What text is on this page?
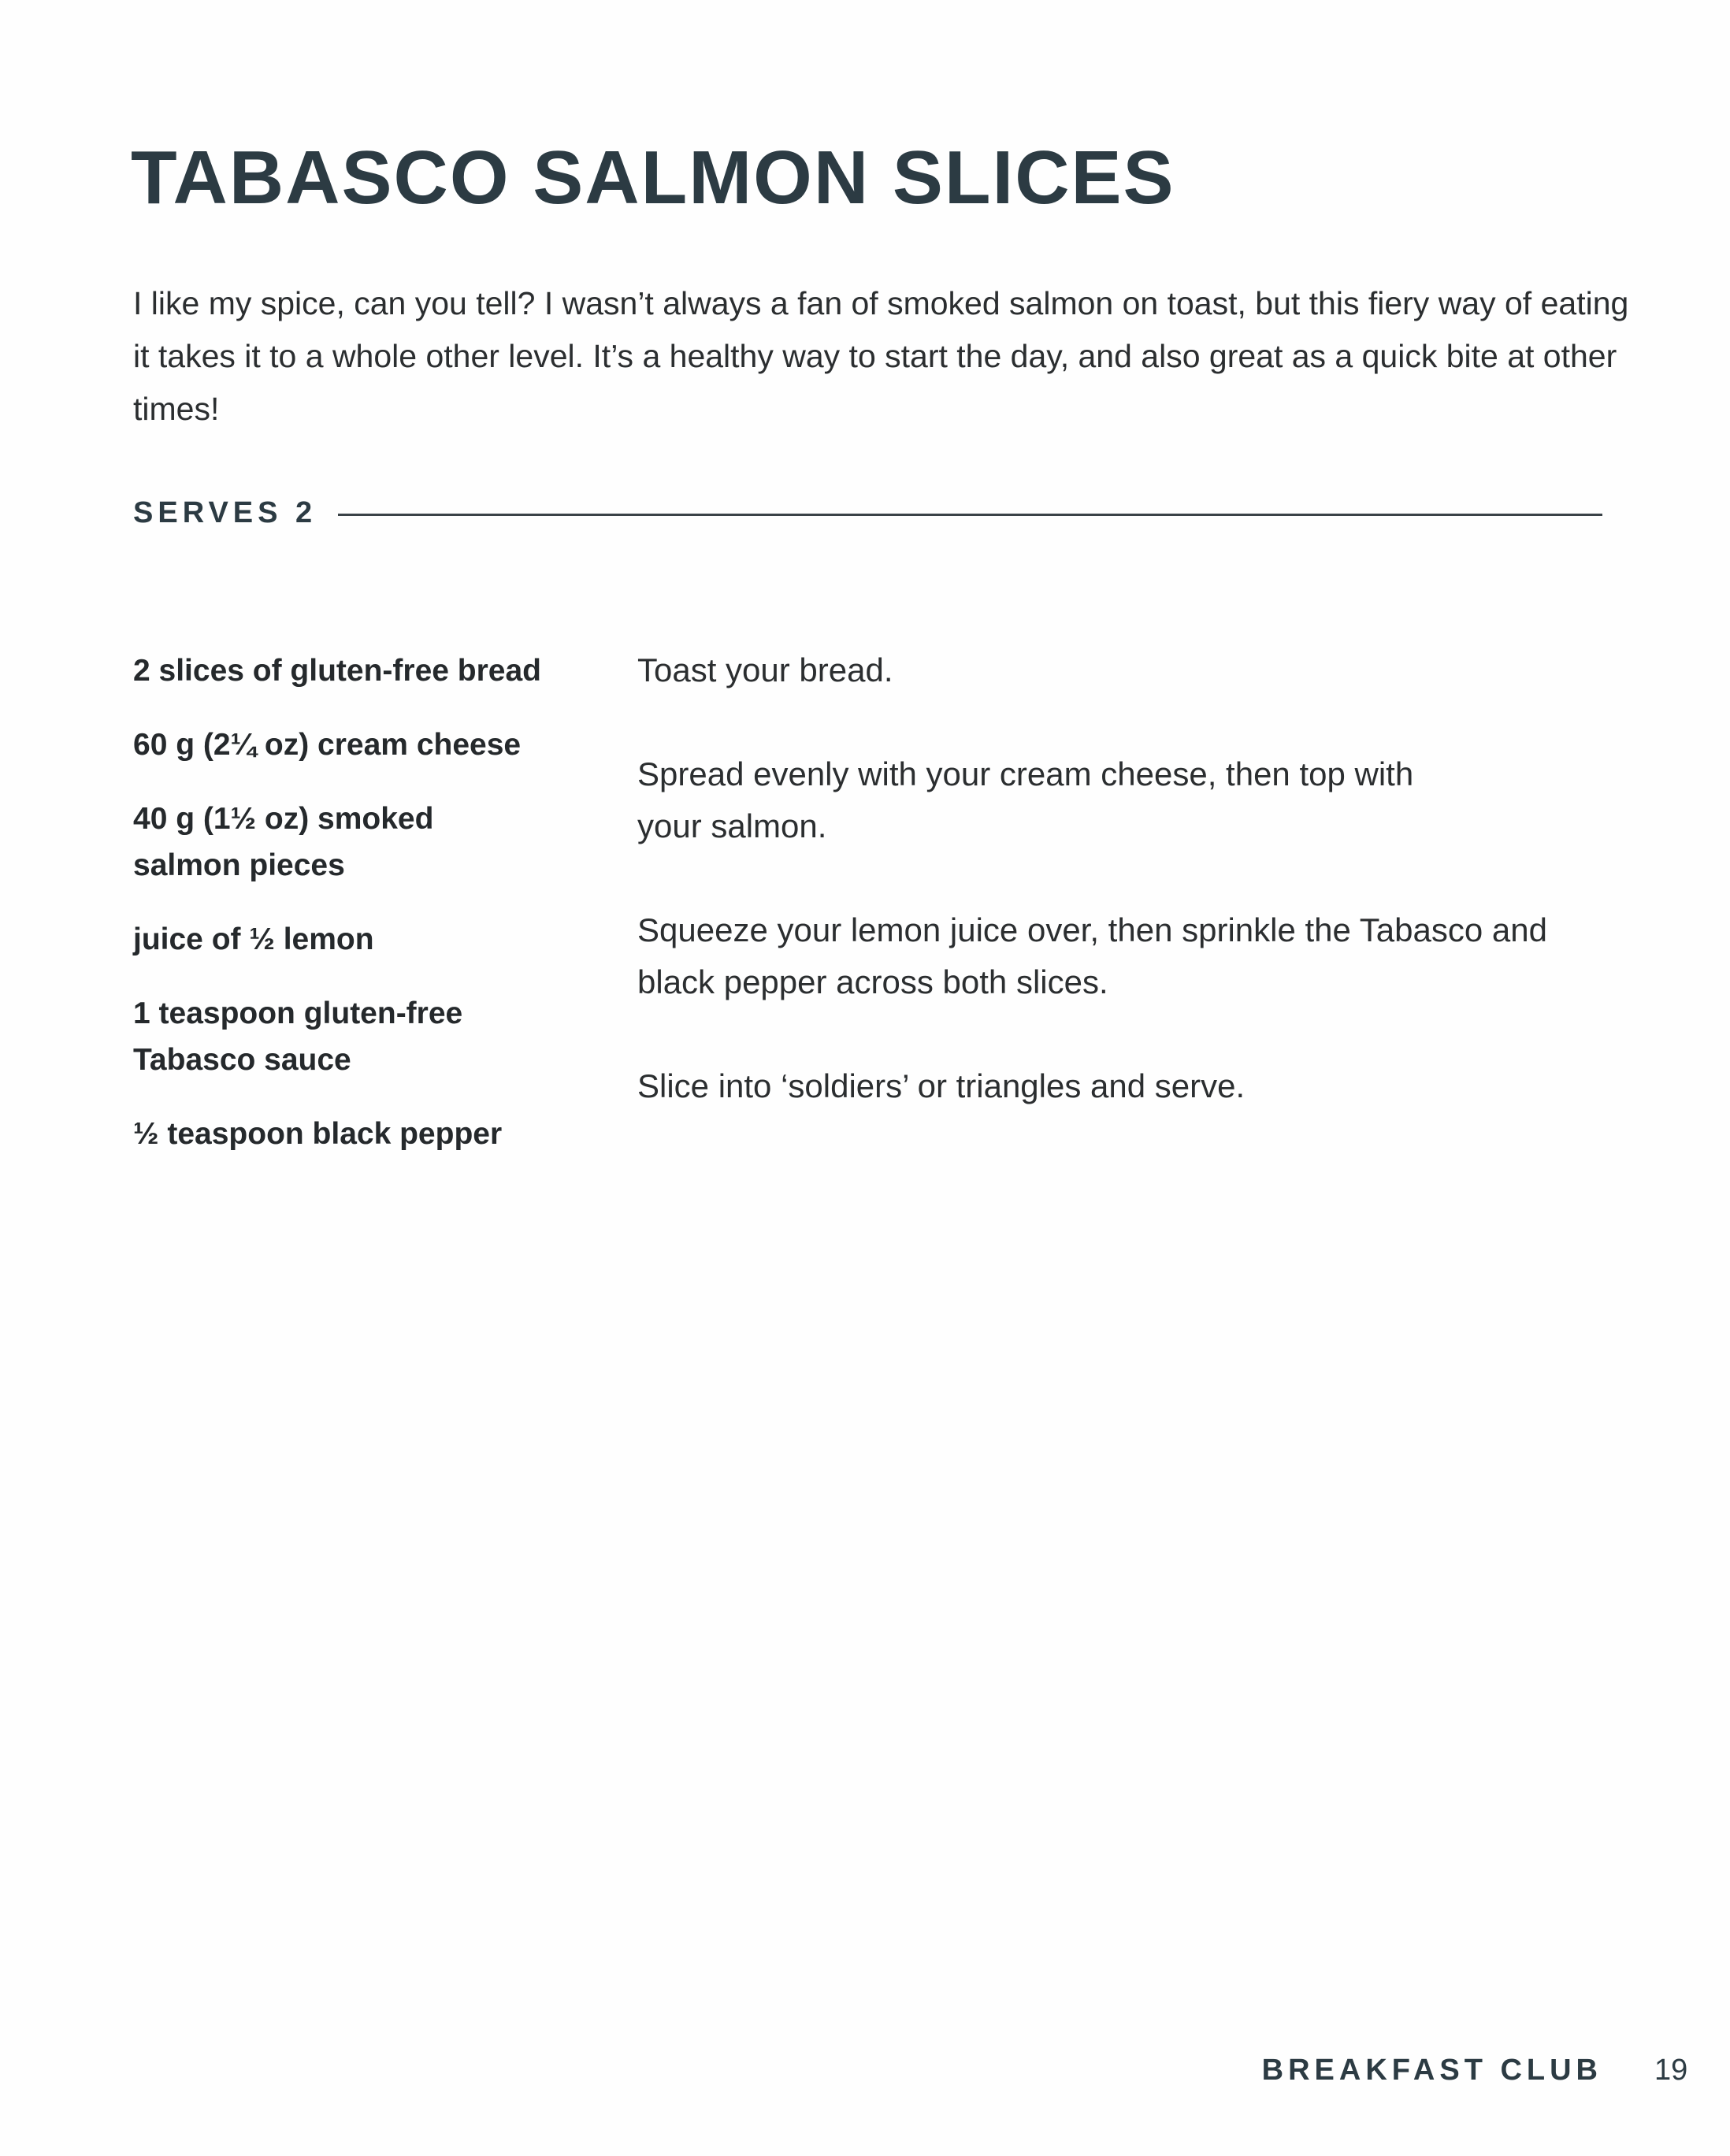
TABASCO SALMON SLICES

I like my spice, can you tell? I wasn’t always a fan of smoked salmon on toast, but this fiery way of eating it takes it to a whole other level. It’s a healthy way to start the day, and also great as a quick bite at other times!

SERVES 2
2 slices of gluten-free bread
60 g (2¼ oz) cream cheese
40 g (1½ oz) smoked salmon pieces
juice of ½ lemon
1 teaspoon gluten-free Tabasco sauce
½ teaspoon black pepper

Toast your bread.

Spread evenly with your cream cheese, then top with your salmon.

Squeeze your lemon juice over, then sprinkle the Tabasco and black pepper across both slices.

Slice into ‘soldiers’ or triangles and serve.

BREAKFAST CLUB 19
